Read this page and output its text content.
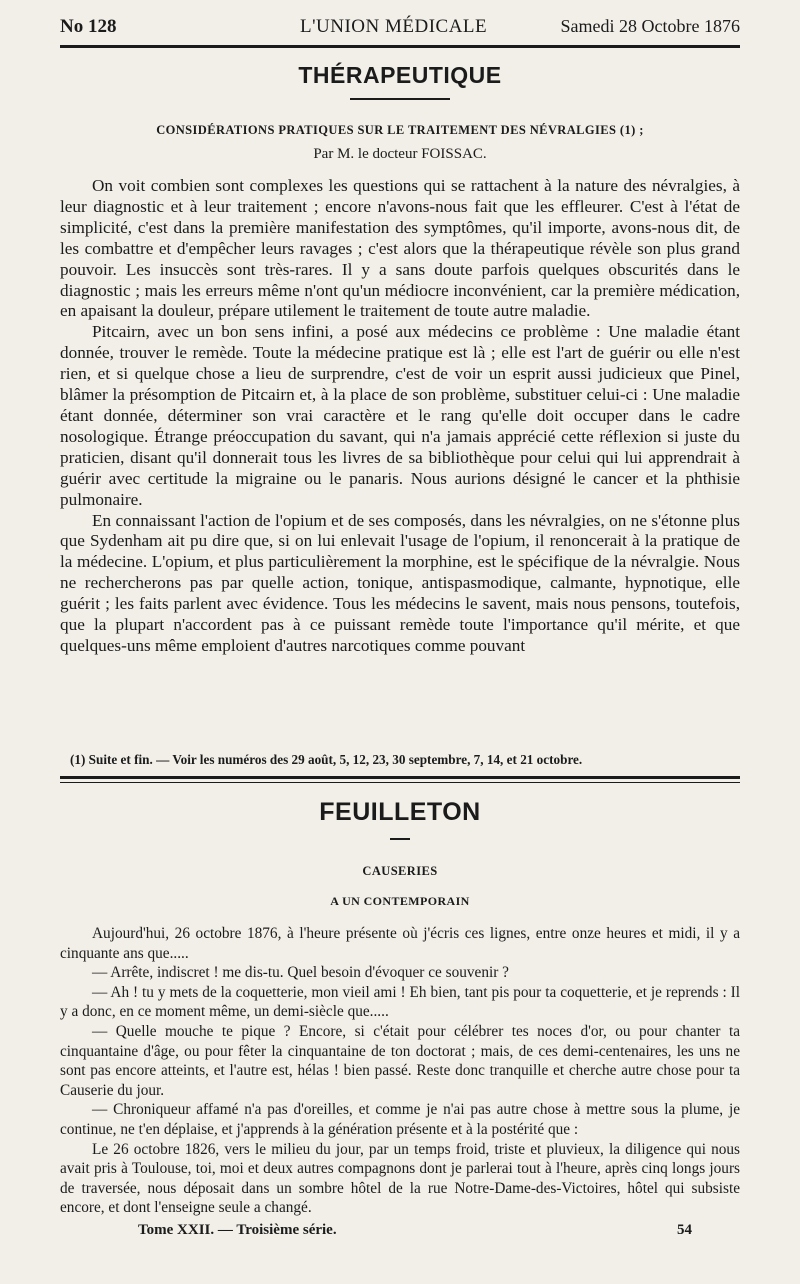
No 128	L'UNION MÉDICALE	Samedi 28 Octobre 1876
THÉRAPEUTIQUE
CONSIDÉRATIONS PRATIQUES SUR LE TRAITEMENT DES NÉVRALGIES (1) ;
Par M. le docteur FOISSAC.

On voit combien sont complexes les questions qui se rattachent à la nature des névralgies, à leur diagnostic et à leur traitement ; encore n'avons-nous fait que les effleurer. C'est à l'état de simplicité, c'est dans la première manifestation des symptômes, qu'il importe, avons-nous dit, de les combattre et d'empêcher leurs ravages ; c'est alors que la thérapeutique révèle son plus grand pouvoir. Les insuccès sont très-rares. Il y a sans doute parfois quelques obscurités dans le diagnostic ; mais les erreurs même n'ont qu'un médiocre inconvénient, car la première médication, en apaisant la douleur, prépare utilement le traitement de toute autre maladie.

Pitcairn, avec un bon sens infini, a posé aux médecins ce problème : Une maladie étant donnée, trouver le remède. Toute la médecine pratique est là ; elle est l'art de guérir ou elle n'est rien, et si quelque chose a lieu de surprendre, c'est de voir un esprit aussi judicieux que Pinel, blâmer la présomption de Pitcairn et, à la place de son problème, substituer celui-ci : Une maladie étant donnée, déterminer son vrai caractère et le rang qu'elle doit occuper dans le cadre nosologique. Étrange préoccupation du savant, qui n'a jamais apprécié cette réflexion si juste du praticien, disant qu'il donnerait tous les livres de sa bibliothèque pour celui qui lui apprendrait à guérir avec certitude la migraine ou le panaris. Nous aurions désigné le cancer et la phthisie pulmonaire.

En connaissant l'action de l'opium et de ses composés, dans les névralgies, on ne s'étonne plus que Sydenham ait pu dire que, si on lui enlevait l'usage de l'opium, il renoncerait à la pratique de la médecine. L'opium, et plus particulièrement la morphine, est le spécifique de la névralgie. Nous ne rechercherons pas par quelle action, tonique, antispasmodique, calmante, hypnotique, elle guérit ; les faits parlent avec évidence. Tous les médecins le savent, mais nous pensons, toutefois, que la plupart n'accordent pas à ce puissant remède toute l'importance qu'il mérite, et que quelques-uns même emploient d'autres narcotiques comme pouvant

(1) Suite et fin. — Voir les numéros des 29 août, 5, 12, 23, 30 septembre, 7, 14, et 21 octobre.
FEUILLETON
CAUSERIES
A UN CONTEMPORAIN

Aujourd'hui, 26 octobre 1876, à l'heure présente où j'écris ces lignes, entre onze heures et midi, il y a cinquante ans que.....

— Arrête, indiscret ! me dis-tu. Quel besoin d'évoquer ce souvenir ?

— Ah ! tu y mets de la coquetterie, mon vieil ami ! Eh bien, tant pis pour ta coquetterie, et je reprends : Il y a donc, en ce moment même, un demi-siècle que.....

— Quelle mouche te pique ? Encore, si c'était pour célébrer tes noces d'or, ou pour chanter ta cinquantaine d'âge, ou pour fêter la cinquantaine de ton doctorat ; mais, de ces demi-centenaires, les uns ne sont pas encore atteints, et l'autre est, hélas ! bien passé. Reste donc tranquille et cherche autre chose pour ta Causerie du jour.

— Chroniqueur affamé n'a pas d'oreilles, et comme je n'ai pas autre chose à mettre sous la plume, je continue, ne t'en déplaise, et j'apprends à la génération présente et à la postérité que :

Le 26 octobre 1826, vers le milieu du jour, par un temps froid, triste et pluvieux, la diligence qui nous avait pris à Toulouse, toi, moi et deux autres compagnons dont je parlerai tout à l'heure, après cinq longs jours de traversée, nous déposait dans un sombre hôtel de la rue Notre-Dame-des-Victoires, hôtel qui subsiste encore, et dont l'enseigne seule a changé.

Tome XXII. — Troisième série.	54
